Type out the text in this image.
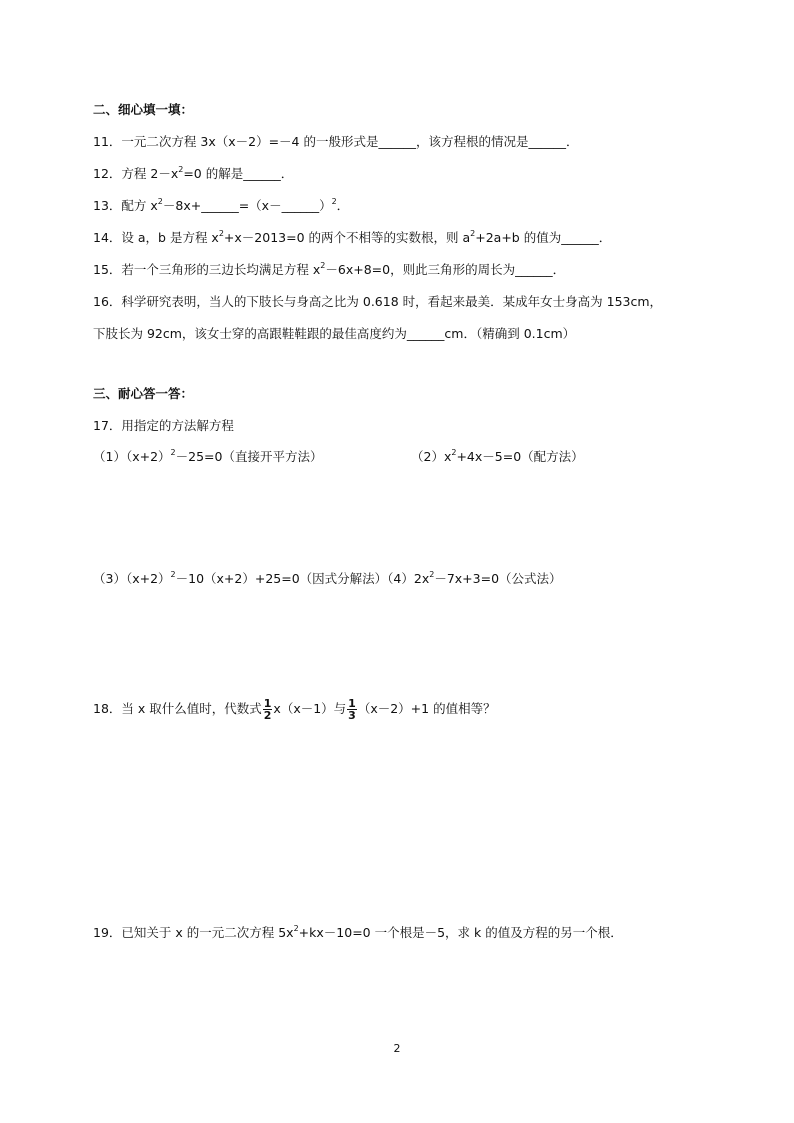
二、细心填一填：
11．一元二次方程 3x（x－2）=－4 的一般形式是______，该方程根的情况是______．
12．方程 $2-x^2=0$ 的解是______．
13．配方 $x^2-8x+\_\_\_\_\_\_=(x-\_\_\_\_\_\_)^2$．
14．设 a，b 是方程 $x^2+x-2013=0$ 的两个不相等的实数根，则 $a^2+2a+b$ 的值为______．
15．若一个三角形的三边长均满足方程 $x^2-6x+8=0$，则此三角形的周长为______．
16．科学研究表明，当人的下肢长与身高之比为 0.618 时，看起来最美．某成年女士身高为 153cm，
下肢长为 92cm，该女士穿的高跟鞋鞋跟的最佳高度约为______cm．（精确到 0.1cm）
三、耐心答一答：
17．用指定的方法解方程
$(1)(x+2)^2-25=0$（直接开平方法）	$(2)x^2+4x-5=0$（配方法）
$(3)(x+2)^2-10(x+2)+25=0$（因式分解法）$(4)2x^2-7x+3=0$（公式法）
18．当 x 取什么值时，代数式 $\frac{1}{2} x(x-1)$与 $\frac{1}{3} (x-2)+1$ 的值相等？
19．已知关于 x 的一元二次方程 $5x^2+kx-10=0$ 一个根是－5，求 k 的值及方程的另一个根．
2
